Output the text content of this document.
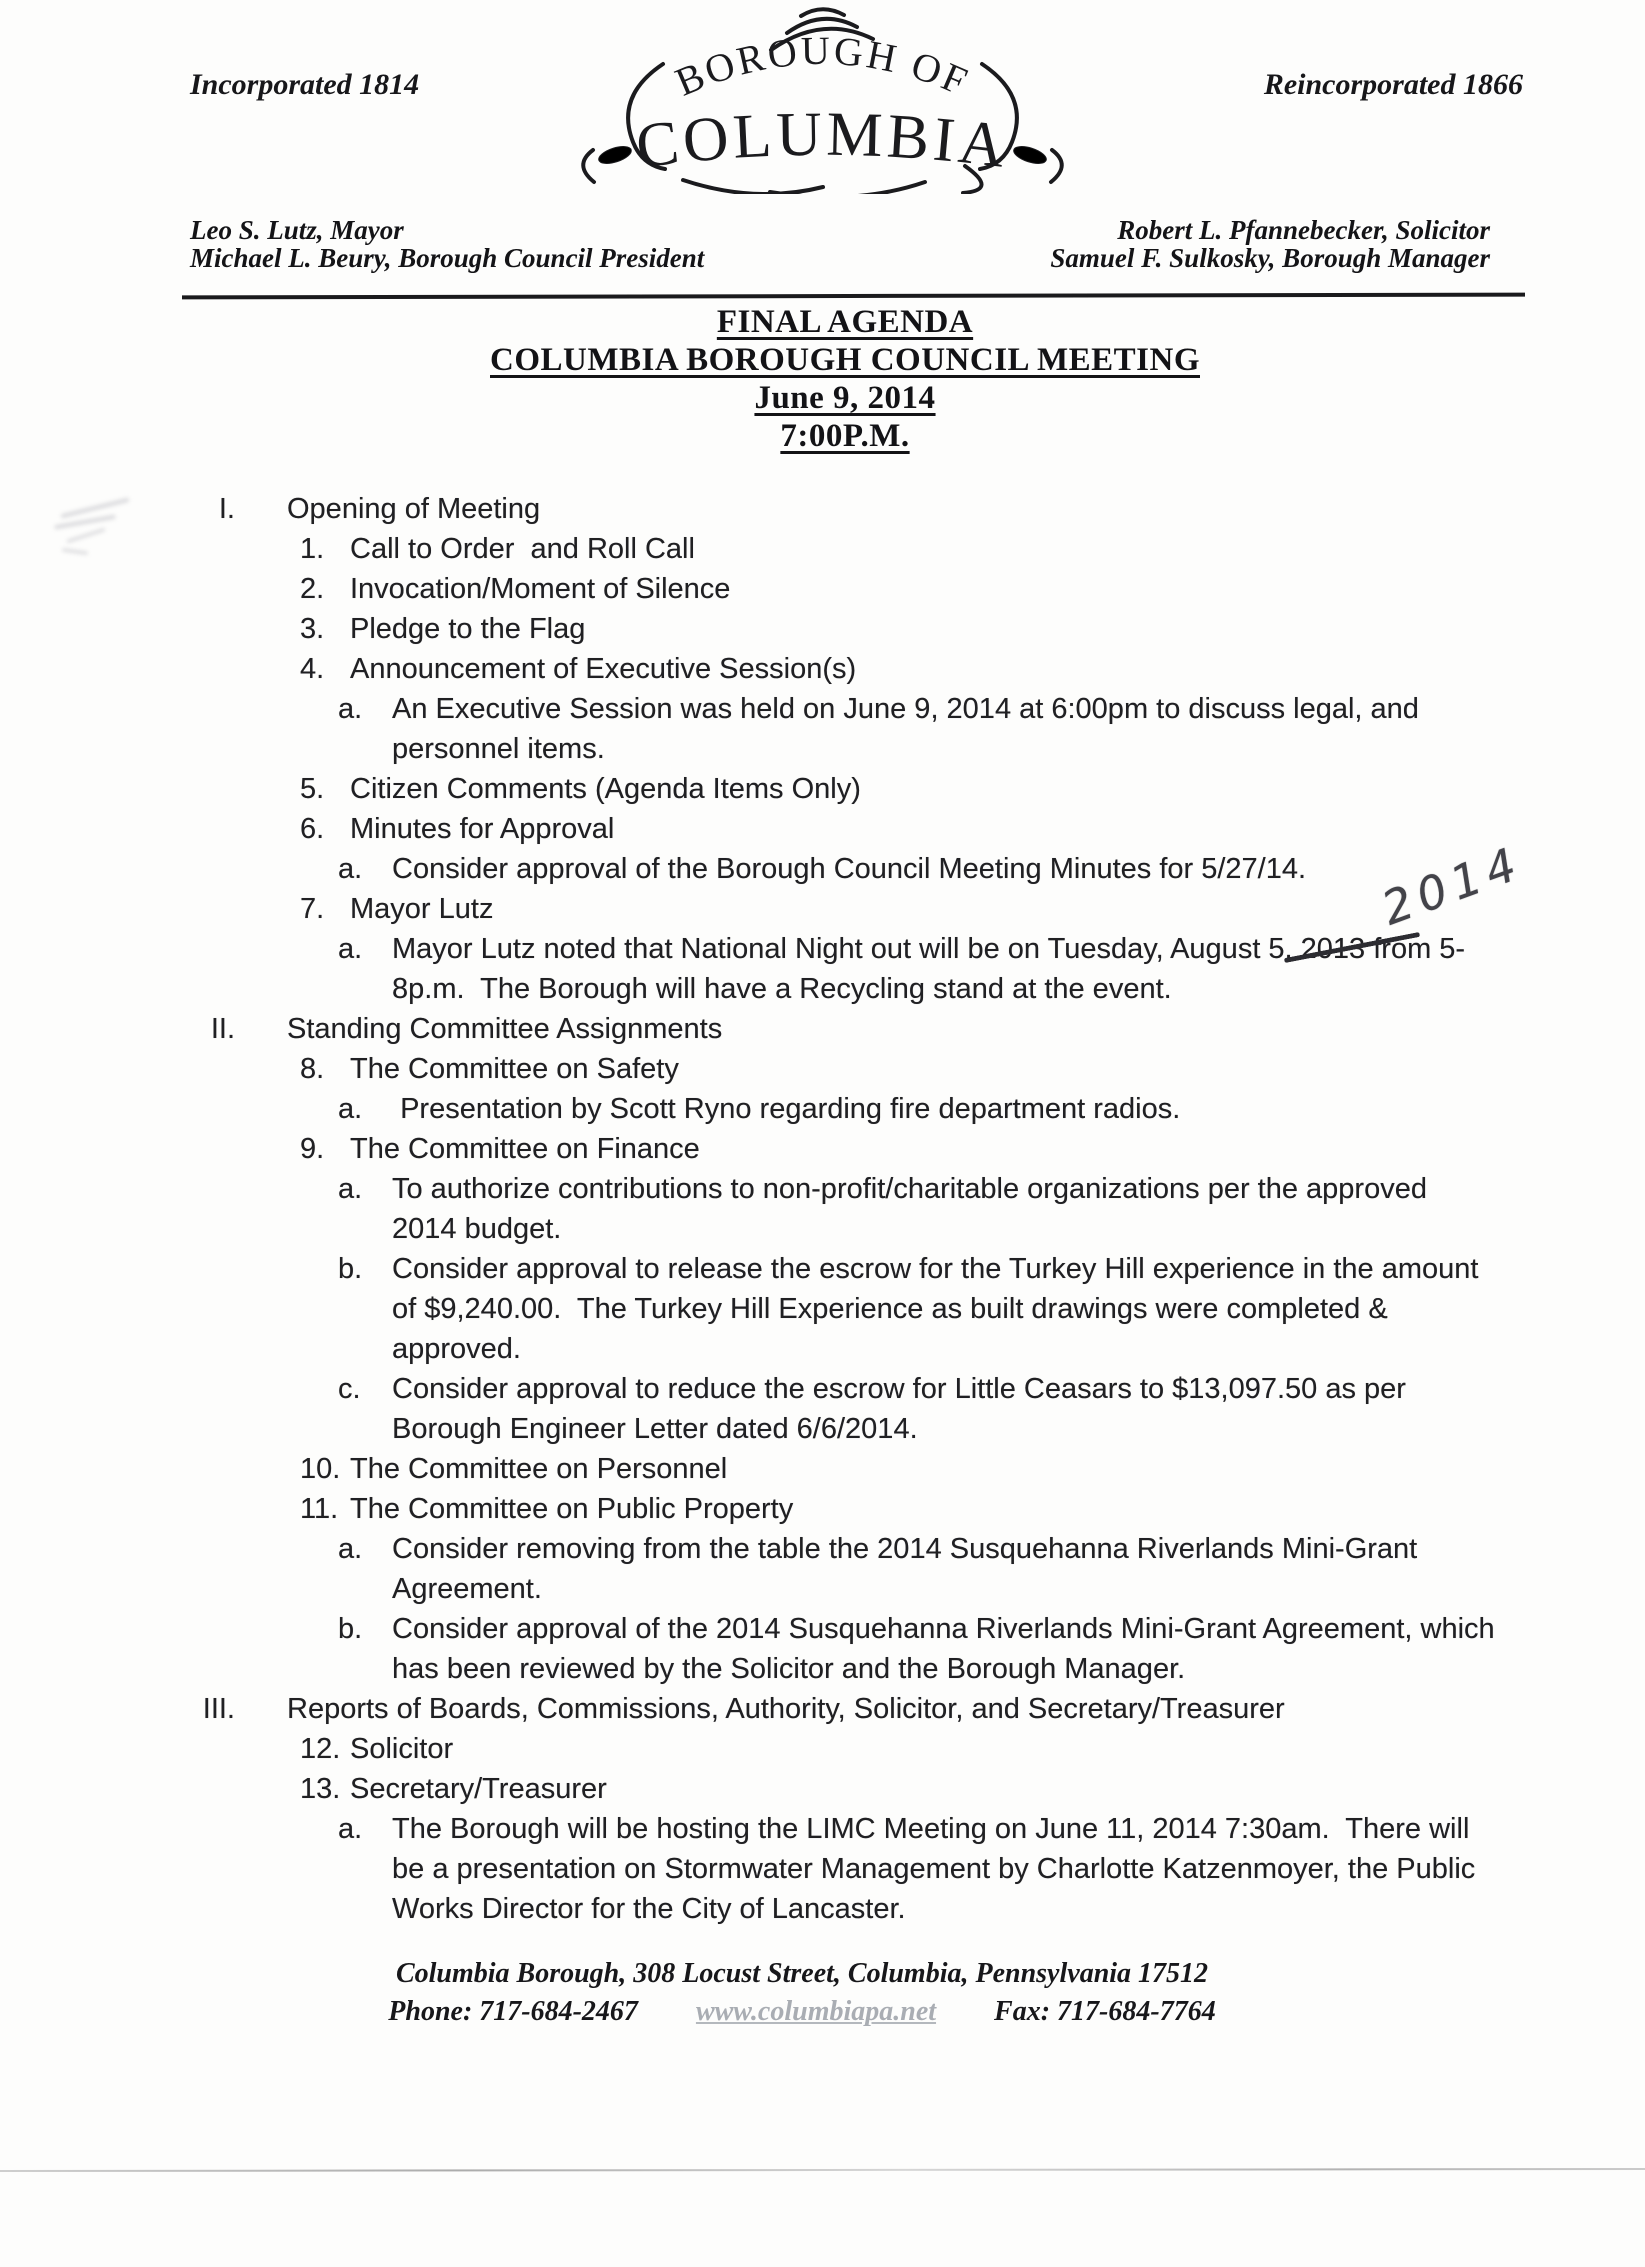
Incorporated 1814	Reincorporated 1866
BOROUGH OF
COLUMBIA
Leo S. Lutz, Mayor
Michael L. Beury, Borough Council President
Robert L. Pfannebecker, Solicitor
Samuel F. Sulkosky, Borough Manager
FINAL AGENDA
COLUMBIA BOROUGH COUNCIL MEETING
June 9, 2014
7:00P.M.
I. Opening of Meeting
1. Call to Order  and Roll Call
2. Invocation/Moment of Silence
3. Pledge to the Flag
4. Announcement of Executive Session(s)
a.	An Executive Session was held on June 9, 2014 at 6:00pm to discuss legal, and personnel items.
5. Citizen Comments (Agenda Items Only)
6. Minutes for Approval
a.	Consider approval of the Borough Council Meeting Minutes for 5/27/14.
7. Mayor Lutz
a.	Mayor Lutz noted that National Night out will be on Tuesday, August 5, 2013
2014
from 5-8p.m.  The Borough will have a Recycling stand at the event.
II. Standing Committee Assignments
8. The Committee on Safety
a.	Presentation by Scott Ryno regarding fire department radios.
9. The Committee on Finance
a.	To authorize contributions to non-profit/charitable organizations per the approved 2014 budget.
b.	Consider approval to release the escrow for the Turkey Hill experience in the amount of $9,240.00.  The Turkey Hill Experience as built drawings were completed & approved.
c.	Consider approval to reduce the escrow for Little Ceasars to $13,097.50 as per Borough Engineer Letter dated 6/6/2014.
10. The Committee on Personnel
11. The Committee on Public Property
a.	Consider removing from the table the 2014 Susquehanna Riverlands Mini-Grant Agreement.
b.	Consider approval of the 2014 Susquehanna Riverlands Mini-Grant Agreement, which has been reviewed by the Solicitor and the Borough Manager.
III. Reports of Boards, Commissions, Authority, Solicitor, and Secretary/Treasurer
12. Solicitor
13. Secretary/Treasurer
a.	The Borough will be hosting the LIMC Meeting on June 11, 2014 7:30am.  There will be a presentation on Stormwater Management by Charlotte Katzenmoyer, the Public Works Director for the City of Lancaster.
Columbia Borough, 308 Locust Street, Columbia, Pennsylvania 17512
Phone: 717-684-2467 www.columbiapa.net Fax: 717-684-7764
